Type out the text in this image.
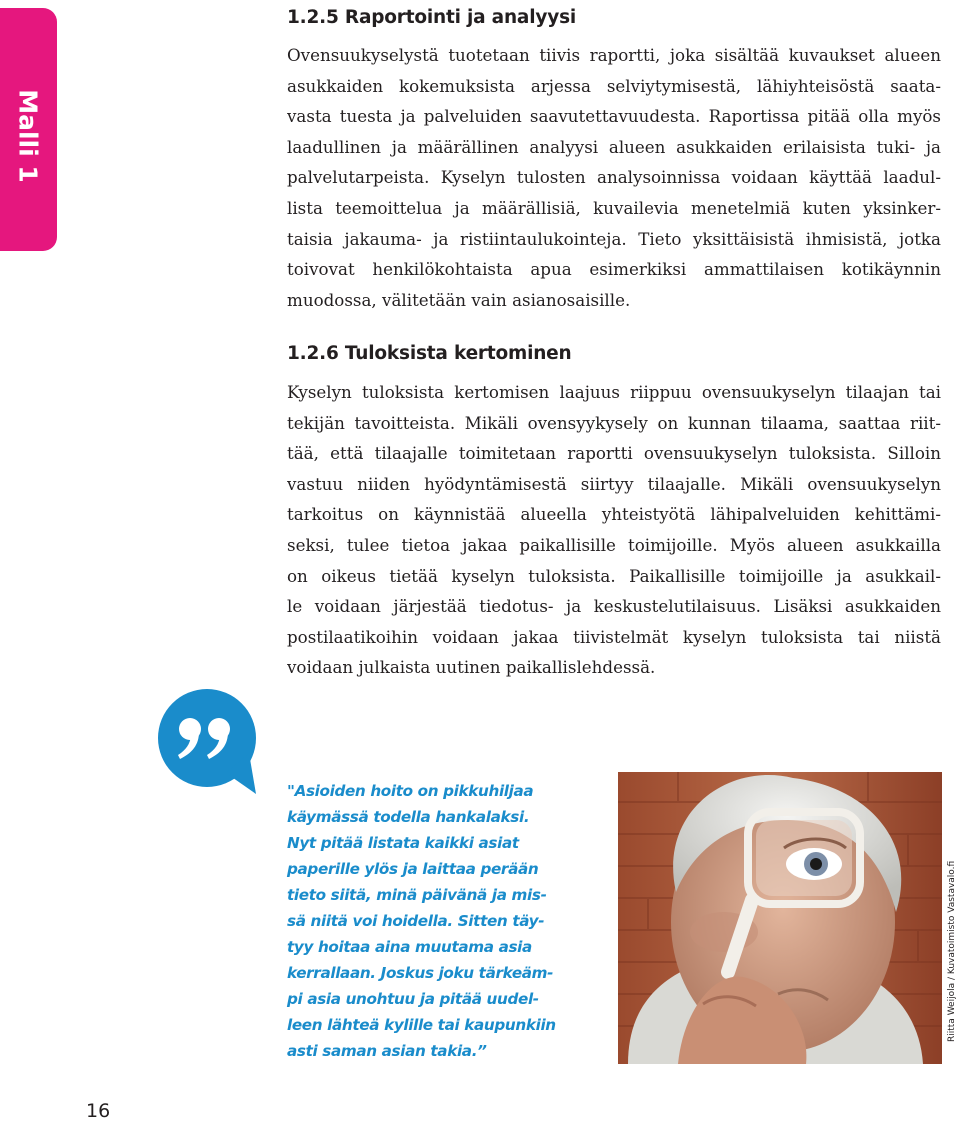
Malli 1
1.2.5 Raportointi ja analyysi
Ovensuukyselystä tuotetaan tiivis raportti, joka sisältää kuvaukset alueen
asukkaiden kokemuksista arjessa selviytymisestä, lähiyhteisöstä saata-
vasta tuesta ja palveluiden saavutettavuudesta. Raportissa pitää olla myös
laadullinen ja määrällinen analyysi alueen asukkaiden erilaisista tuki- ja
palvelutarpeista. Kyselyn tulosten analysoinnissa voidaan käyttää laadul-
lista teemoittelua ja määrällisiä, kuvailevia menetelmiä kuten yksinker-
taisia jakauma- ja ristiintaulukointeja. Tieto yksittäisistä ihmisistä, jotka
toivovat henkilökohtaista apua esimerkiksi ammattilaisen kotikäynnin
muodossa, välitetään vain asianosaisille.
1.2.6 Tuloksista kertominen
Kyselyn tuloksista kertomisen laajuus riippuu ovensuukyselyn tilaajan tai
tekijän tavoitteista. Mikäli ovensyykysely on kunnan tilaama, saattaa riit-
tää, että tilaajalle toimitetaan raportti ovensuukyselyn tuloksista. Silloin
vastuu niiden hyödyntämisestä siirtyy tilaajalle. Mikäli ovensuukyselyn
tarkoitus on käynnistää alueella yhteistyötä lähipalveluiden kehittämi-
seksi, tulee tietoa jakaa paikallisille toimijoille. Myös alueen asukkailla
on oikeus tietää kyselyn tuloksista. Paikallisille toimijoille ja asukkail-
le voidaan järjestää tiedotus- ja keskustelutilaisuus. Lisäksi asukkaiden
postilaatikoihin voidaan jakaa tiivistelmät kyselyn tuloksista tai niistä
voidaan julkaista uutinen paikallislehdessä.
"Asioiden hoito on pikkuhiljaa
käymässä todella hankalaksi.
Nyt pitää listata kaikki asiat
paperille ylös ja laittaa perään
tieto siitä, minä päivänä ja mis-
sä niitä voi hoidella. Sitten täy-
tyy hoitaa aina muutama asia
kerrallaan. Joskus joku tärkeäm-
pi asia unohtuu ja pitää uudel-
leen lähteä kylille tai kaupunkiin
asti saman asian takia.”
Riitta Weijola / Kuvatoimisto Vastavalo.fi
16
